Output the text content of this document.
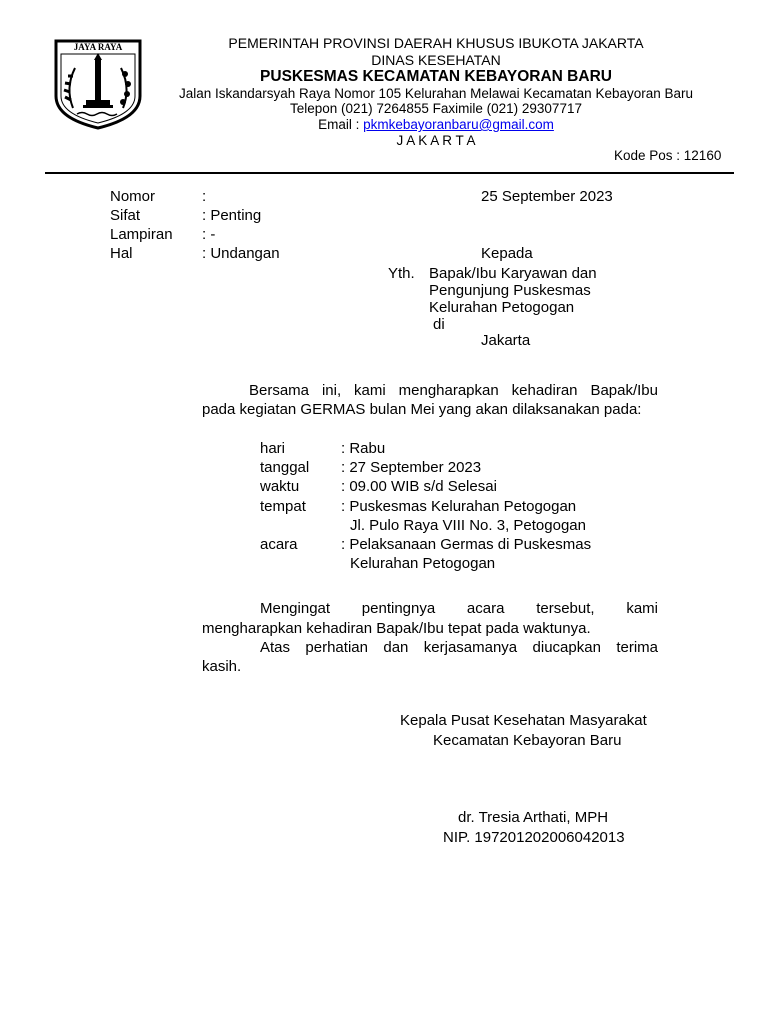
JAYA RAYA	PEMERINTAH PROVINSI DAERAH KHUSUS IBUKOTA JAKARTA
DINAS KESEHATAN
PUSKESMAS KECAMATAN KEBAYORAN BARU
Jalan Iskandarsyah Raya Nomor 105 Kelurahan Melawai Kecamatan Kebayoran Baru
Telepon (021) 7264855 Faximile (021) 29307717
Email : pkmkebayoranbaru@gmail.com
J A K A R T A
Kode Pos : 12160
Nomor	:	25 September 2023
Sifat	: Penting
Lampiran : -
Hal	: Undangan	Kepada
Yth. Bapak/Ibu Karyawan dan
Pengunjung Puskesmas
Kelurahan Petogogan
di
Jakarta
Bersama ini, kami mengharapkan kehadiran Bapak/Ibu
pada kegiatan GERMAS bulan Mei yang akan dilaksanakan pada:
hari	: Rabu
tanggal : 27 September 2023
waktu	: 09.00 WIB s/d Selesai
tempat : Puskesmas Kelurahan Petogogan
Jl. Pulo Raya VIII No. 3, Petogogan
acara	: Pelaksanaan Germas di Puskesmas
Kelurahan Petogogan
Mengingat pentingnya acara tersebut, kami
mengharapkan kehadiran Bapak/Ibu tepat pada waktunya.
Atas perhatian dan kerjasamanya diucapkan terima
kasih.
Kepala Pusat Kesehatan Masyarakat
Kecamatan Kebayoran Baru
dr. Tresia Arthati, MPH
NIP. 197201202006042013
